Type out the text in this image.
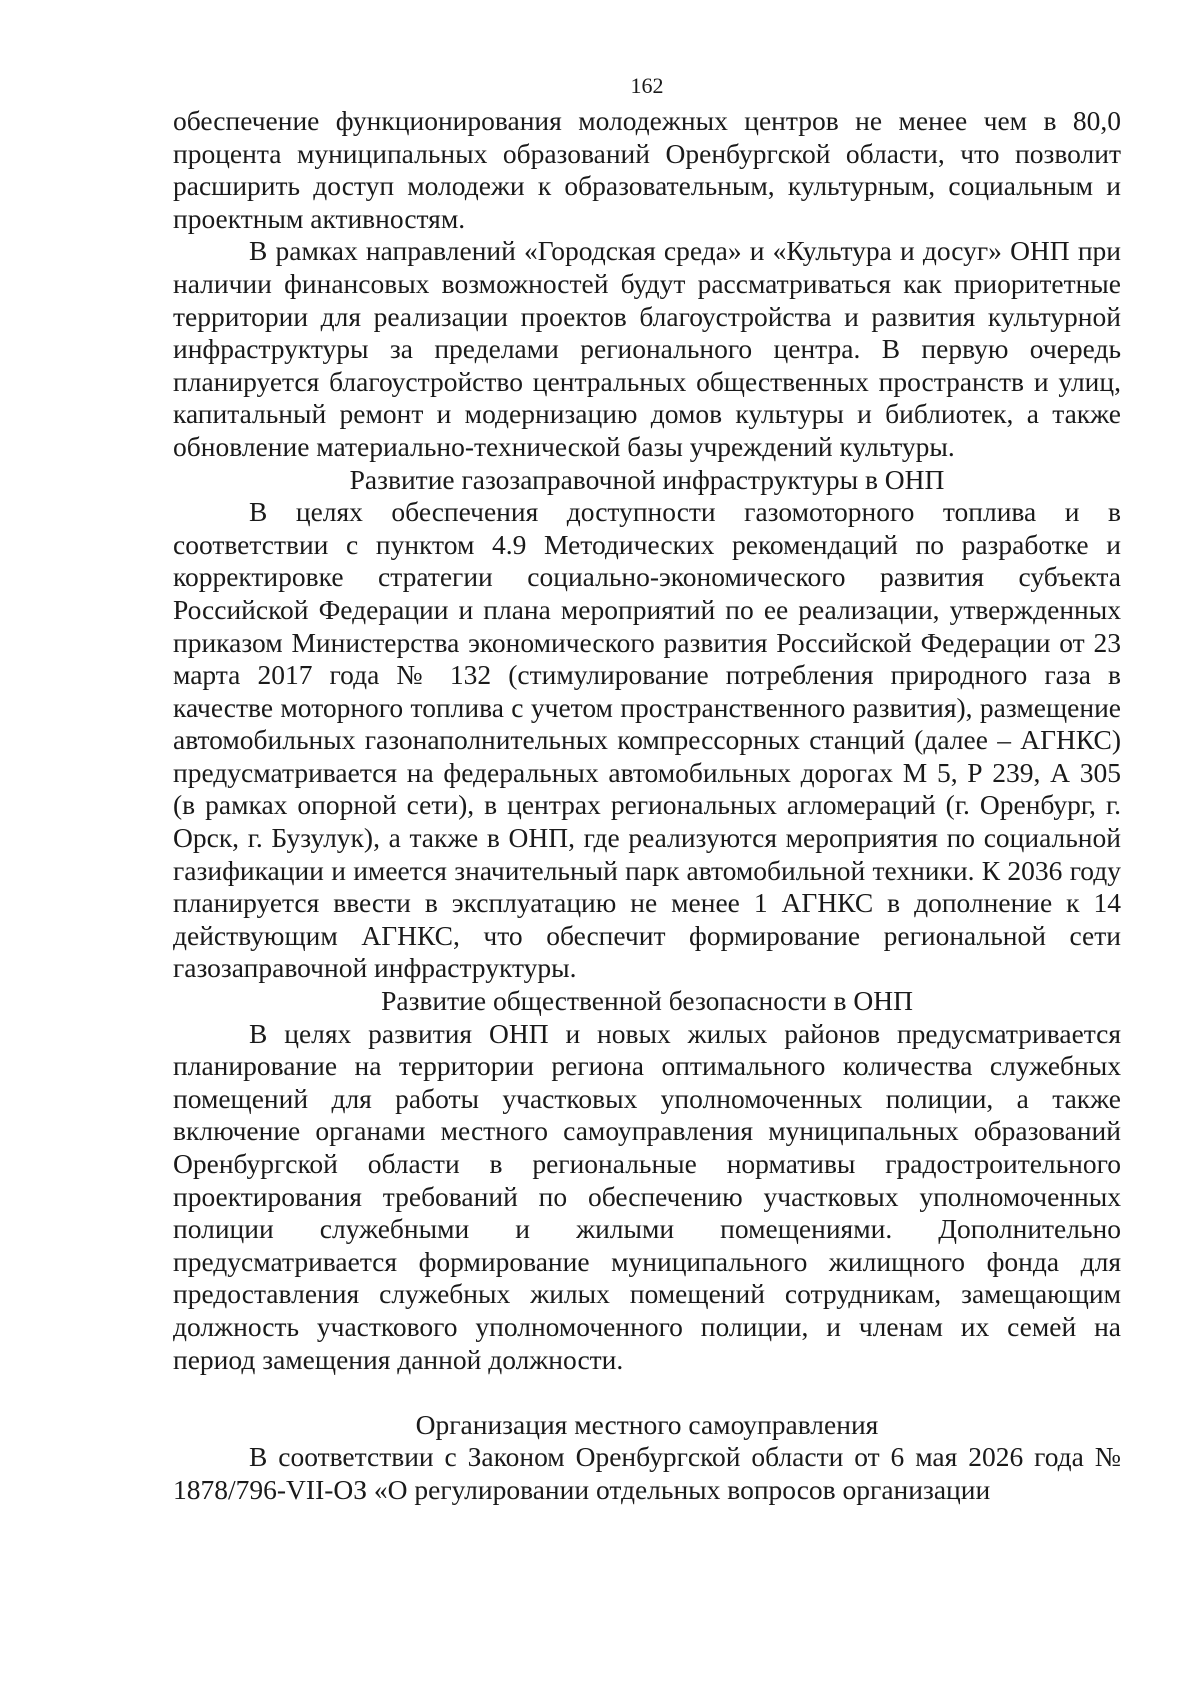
162

обеспечение функционирования молодежных центров не менее чем в 80,0 процента муниципальных образований Оренбургской области, что позволит расширить доступ молодежи к образовательным, культурным, социальным и проектным активностям.

В рамках направлений «Городская среда» и «Культура и досуг» ОНП при наличии финансовых возможностей будут рассматриваться как приоритетные территории для реализации проектов благоустройства и развития культурной инфраструктуры за пределами регионального центра. В первую очередь планируется благоустройство центральных общественных пространств и улиц, капитальный ремонт и модернизацию домов культуры и библиотек, а также обновление материально-технической базы учреждений культуры.

Развитие газозаправочной инфраструктуры в ОНП

В целях обеспечения доступности газомоторного топлива и в соответствии с пунктом 4.9 Методических рекомендаций по разработке и корректировке стратегии социально-экономического развития субъекта Российской Федерации и плана мероприятий по ее реализации, утвержденных приказом Министерства экономического развития Российской Федерации от 23 марта 2017 года № 132 (стимулирование потребления природного газа в качестве моторного топлива с учетом пространственного развития), размещение автомобильных газонаполнительных компрессорных станций (далее – АГНКС) предусматривается на федеральных автомобильных дорогах М 5, Р 239, А 305 (в рамках опорной сети), в центрах региональных агломераций (г. Оренбург, г. Орск, г. Бузулук), а также в ОНП, где реализуются мероприятия по социальной газификации и имеется значительный парк автомобильной техники. К 2036 году планируется ввести в эксплуатацию не менее 1 АГНКС в дополнение к 14 действующим АГНКС, что обеспечит формирование региональной сети газозаправочной инфраструктуры.

Развитие общественной безопасности в ОНП

В целях развития ОНП и новых жилых районов предусматривается планирование на территории региона оптимального количества служебных помещений для работы участковых уполномоченных полиции, а также включение органами местного самоуправления муниципальных образований Оренбургской области в региональные нормативы градостроительного проектирования требований по обеспечению участковых уполномоченных полиции служебными и жилыми помещениями. Дополнительно предусматривается формирование муниципального жилищного фонда для предоставления служебных жилых помещений сотрудникам, замещающим должность участкового уполномоченного полиции, и членам их семей на период замещения данной должности.

Организация местного самоуправления

В соответствии с Законом Оренбургской области от 6 мая 2026 года № 1878/796-VII-ОЗ «О регулировании отдельных вопросов организации
